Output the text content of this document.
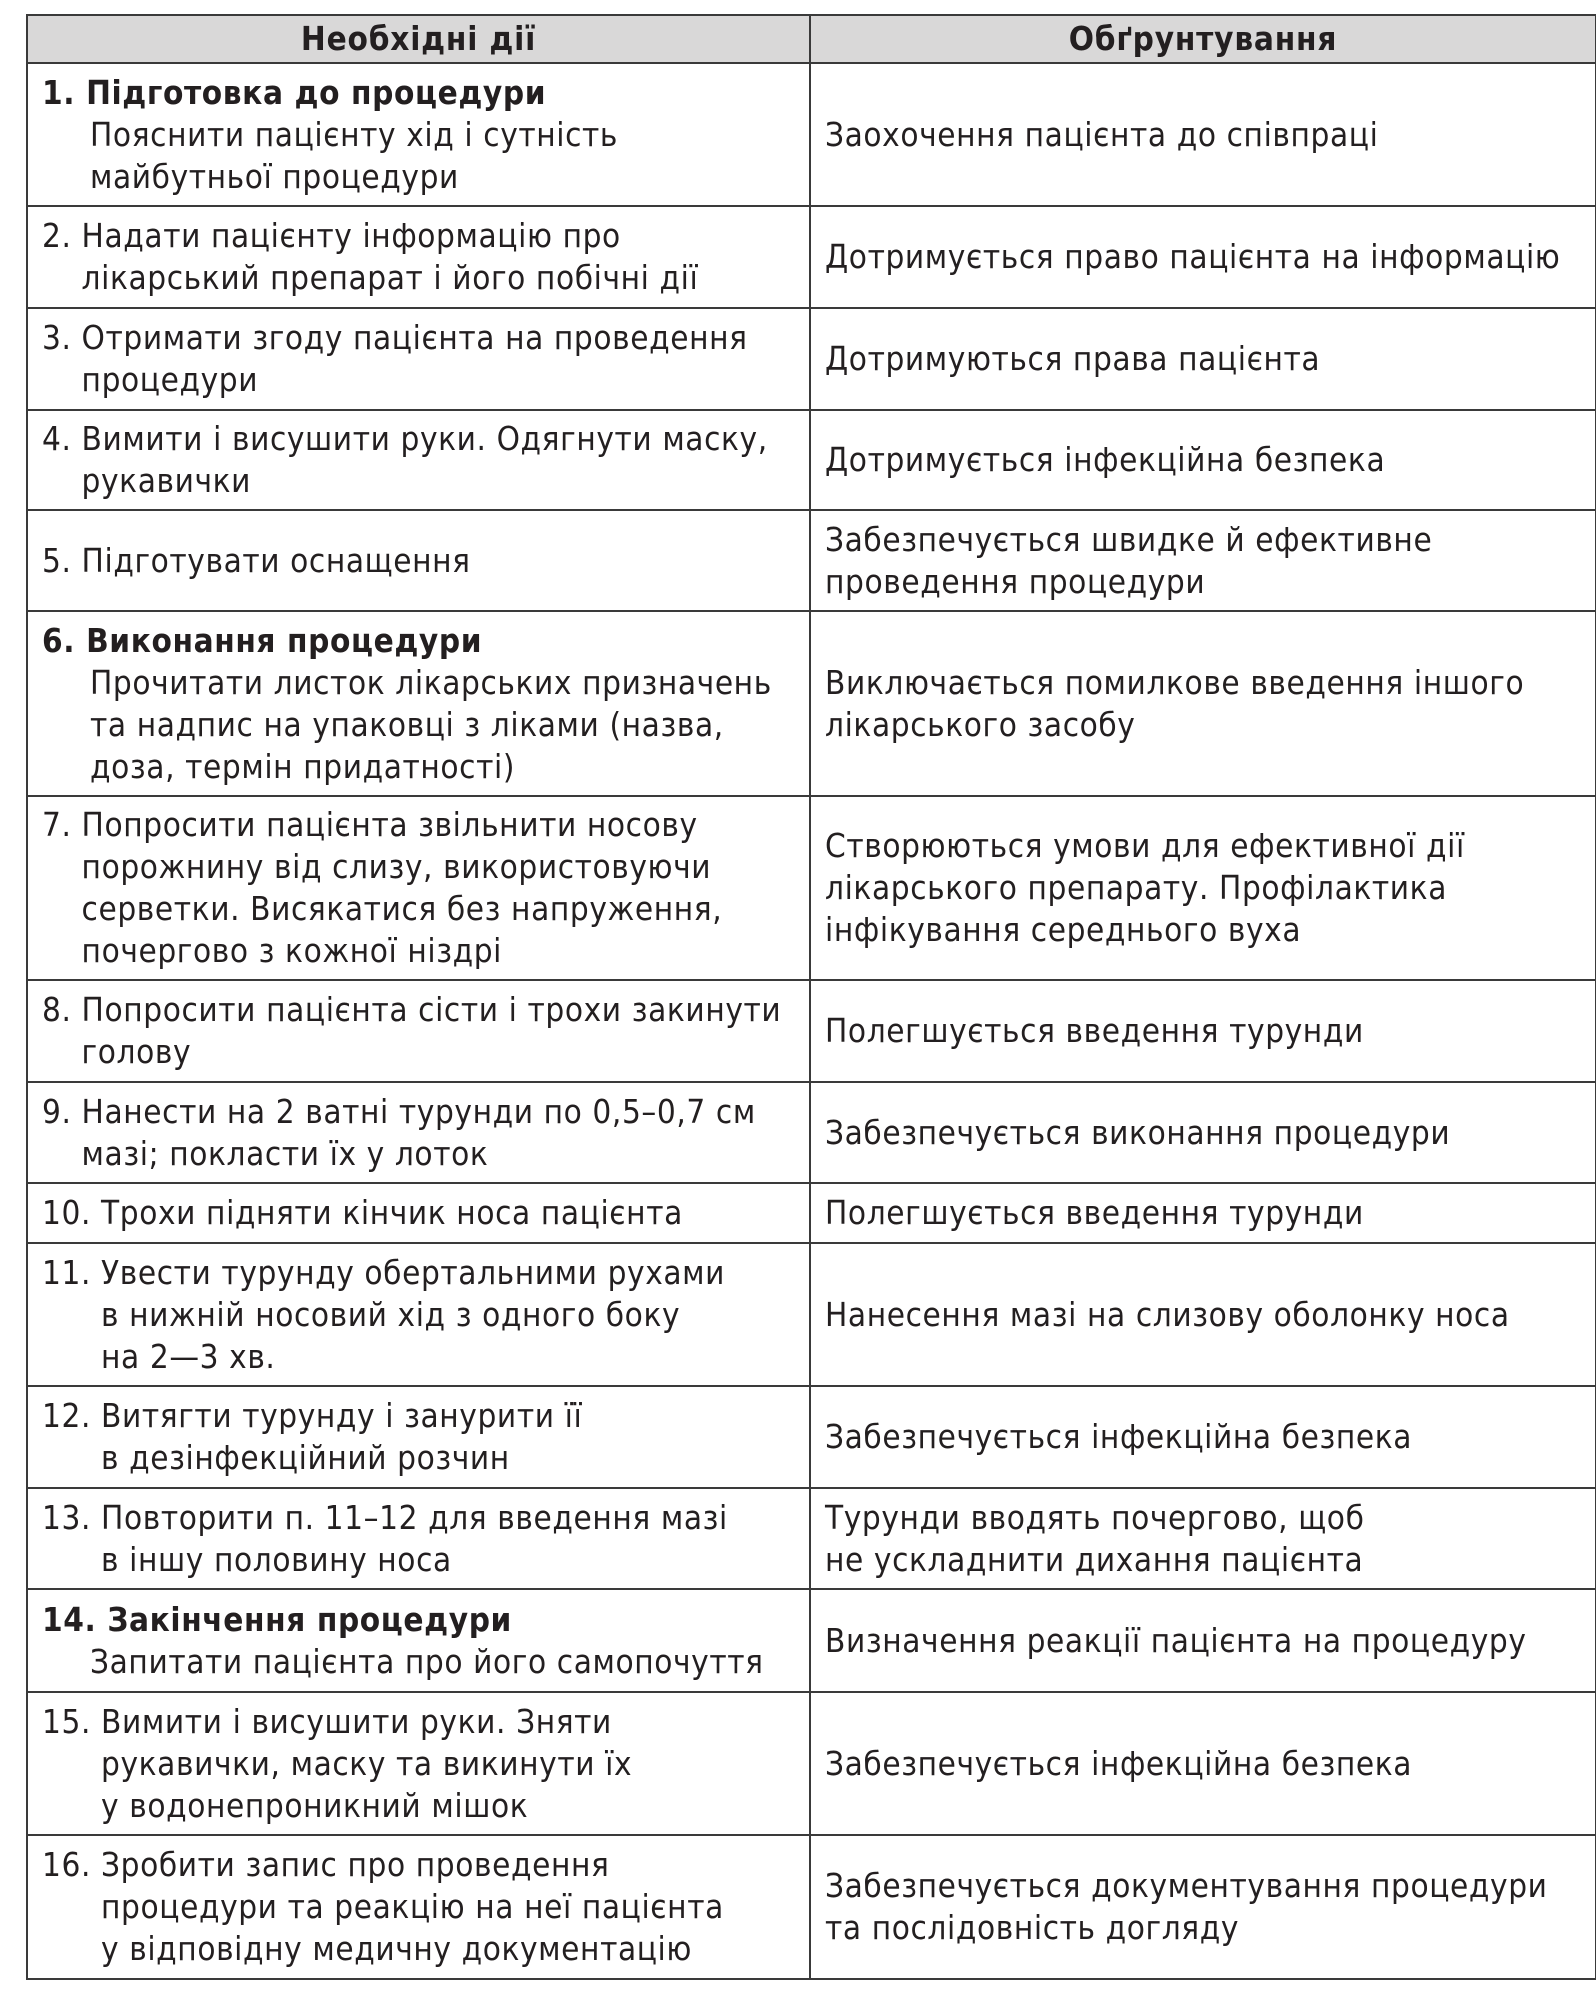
Необхідні дії	Обґрунтування

1. Підготовка до процедури
Пояснити пацієнту хід і сутність
майбутньої процедури	Заохочення пацієнта до співпраці

2.
Надати пацієнту інформацію про
лікарський препарат і його побічні дії	Дотримується право пацієнта на інформацію

3.
Отримати згоду пацієнта на проведення
процедури	Дотримуються права пацієнта

4.
Вимити і висушити руки. Одягнути маску,
рукавички	Дотримується інфекційна безпека

5.
Підготувати оснащення	Забезпечується швидке й ефективне
проведення процедури

6. Виконання процедури
Прочитати листок лікарських призначень
та надпис на упаковці з ліками (назва,
доза, термін придатності)	Виключається помилкове введення іншого
лікарського засобу

7.
Попросити пацієнта звільнити носову
порожнину від слизу, використовуючи
серветки. Висякатися без напруження,
почергово з кожної ніздрі	Створюються умови для ефективної дії
лікарського препарату. Профілактика
інфікування середнього вуха

8.
Попросити пацієнта сісти і трохи закинути
голову	Полегшується введення турунди

9.
Нанести на 2 ватні турунди по 0,5–0,7 см
мазі; покласти їх у лоток	Забезпечується виконання процедури

10.
Трохи підняти кінчик носа пацієнта	Полегшується введення турунди

11.
Увести турунду обертальними рухами
в нижній носовий хід з одного боку
на 2—3 хв.	Нанесення мазі на слизову оболонку носа

12.
Витягти турунду і занурити її
в дезінфекційний розчин	Забезпечується інфекційна безпека

13.
Повторити п. 11–12 для введення мазі
в іншу половину носа	Турунди вводять почергово, щоб
не ускладнити дихання пацієнта

14. Закінчення процедури
Запитати пацієнта про його самопочуття	Визначення реакції пацієнта на процедуру

15.
Вимити і висушити руки. Зняти
рукавички, маску та викинути їх
у водонепроникний мішок	Забезпечується інфекційна безпека

16.
Зробити запис про проведення
процедури та реакцію на неї пацієнта
у відповідну медичну документацію	Забезпечується документування процедури
та послідовність догляду
